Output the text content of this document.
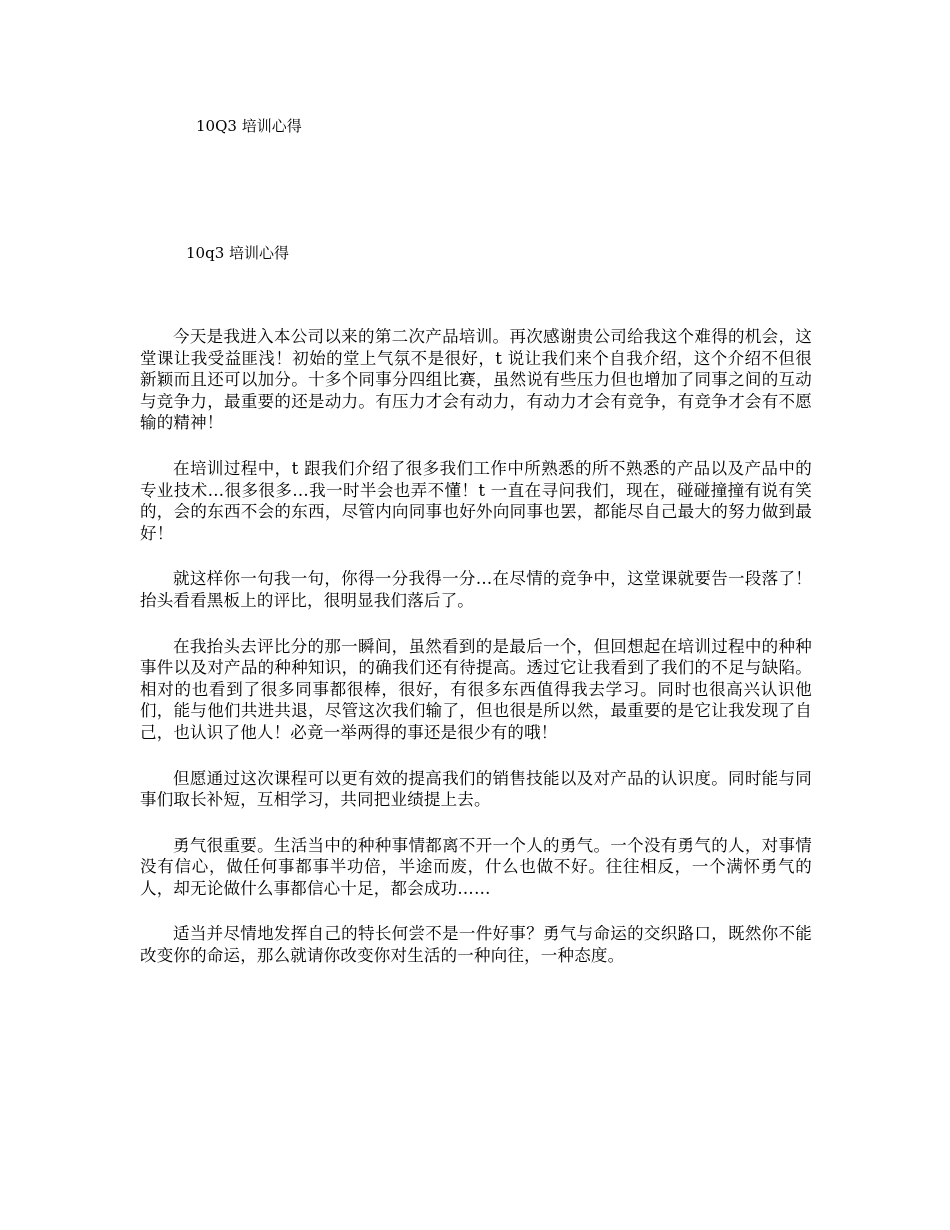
10Q3 培训心得
10q3 培训心得

今天是我进入本公司以来的第二次产品培训。再次感谢贵公司给我这个难得的机会，这堂课让我受益匪浅！初始的堂上气氛不是很好，t 说让我们来个自我介绍，这个介绍不但很新颖而且还可以加分。十多个同事分四组比赛，虽然说有些压力但也增加了同事之间的互动与竞争力，最重要的还是动力。有压力才会有动力，有动力才会有竞争，有竞争才会有不愿输的精神！

在培训过程中，t 跟我们介绍了很多我们工作中所熟悉的所不熟悉的产品以及产品中的专业技术…很多很多…我一时半会也弄不懂！t 一直在寻问我们，现在，碰碰撞撞有说有笑的，会的东西不会的东西，尽管内向同事也好外向同事也罢，都能尽自己最大的努力做到最好！

就这样你一句我一句，你得一分我得一分…在尽情的竞争中，这堂课就要告一段落了！抬头看看黑板上的评比，很明显我们落后了。

在我抬头去评比分的那一瞬间，虽然看到的是最后一个，但回想起在培训过程中的种种事件以及对产品的种种知识，的确我们还有待提高。透过它让我看到了我们的不足与缺陷。相对的也看到了很多同事都很棒，很好，有很多东西值得我去学习。同时也很高兴认识他们，能与他们共进共退，尽管这次我们输了，但也很是所以然，最重要的是它让我发现了自己，也认识了他人！必竟一举两得的事还是很少有的哦！

但愿通过这次课程可以更有效的提高我们的销售技能以及对产品的认识度。同时能与同事们取长补短，互相学习，共同把业绩提上去。

勇气很重要。生活当中的种种事情都离不开一个人的勇气。一个没有勇气的人，对事情没有信心，做任何事都事半功倍，半途而废，什么也做不好。往往相反，一个满怀勇气的人，却无论做什么事都信心十足，都会成功……

适当并尽情地发挥自己的特长何尝不是一件好事？勇气与命运的交织路口，既然你不能改变你的命运，那么就请你改变你对生活的一种向往，一种态度。
